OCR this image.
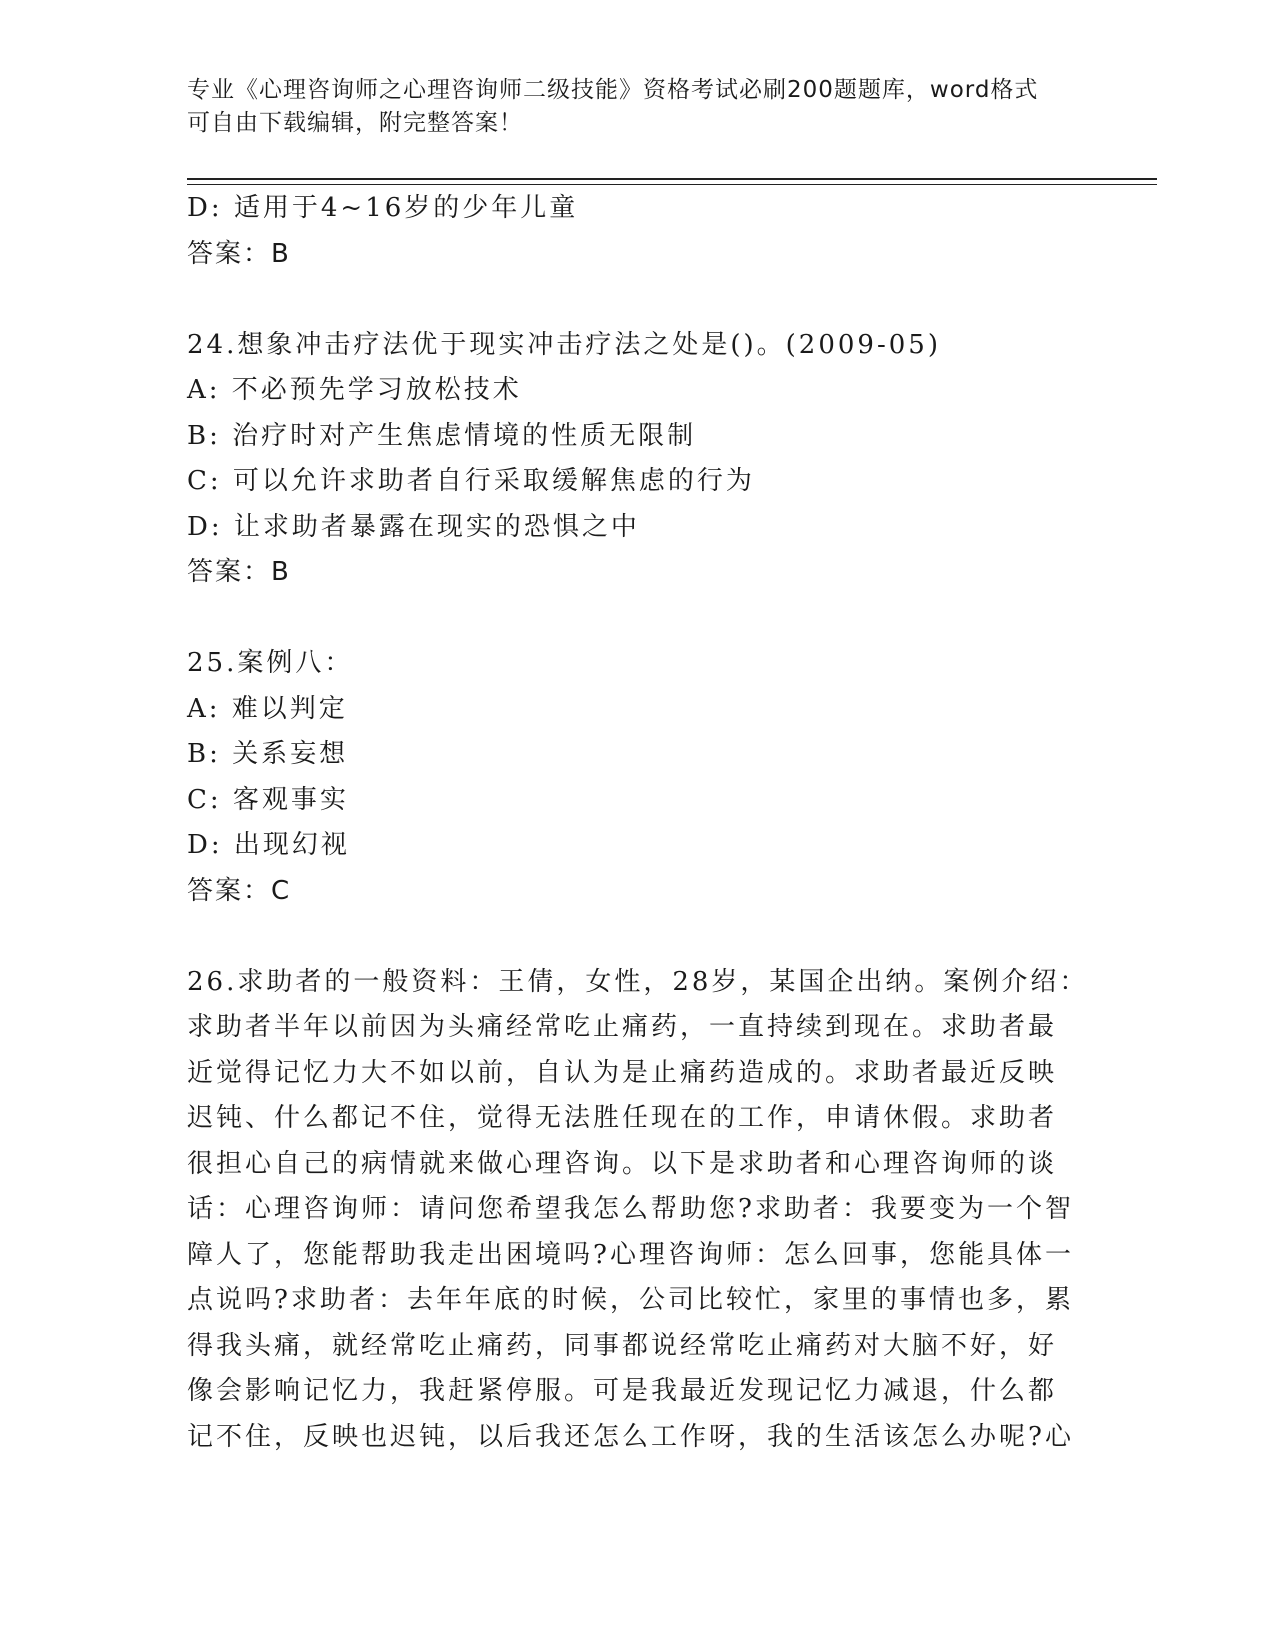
专业《心理咨询师之心理咨询师二级技能》资格考试必刷200题题库，word格式
可自由下载编辑，附完整答案！
D: 适用于4~16岁的少年儿童
答案：B
24.想象冲击疗法优于现实冲击疗法之处是()。(2009-05)
A: 不必预先学习放松技术
B: 治疗时对产生焦虑情境的性质无限制
C: 可以允许求助者自行采取缓解焦虑的行为
D: 让求助者暴露在现实的恐惧之中
答案：B
25.案例八：
A: 难以判定
B: 关系妄想
C: 客观事实
D: 出现幻视
答案：C
26.求助者的一般资料：王倩，女性，28岁，某国企出纳。案例介绍：
求助者半年以前因为头痛经常吃止痛药，一直持续到现在。求助者最
近觉得记忆力大不如以前，自认为是止痛药造成的。求助者最近反映
迟钝、什么都记不住，觉得无法胜任现在的工作，申请休假。求助者
很担心自己的病情就来做心理咨询。以下是求助者和心理咨询师的谈
话：心理咨询师：请问您希望我怎么帮助您?求助者：我要变为一个智
障人了，您能帮助我走出困境吗?心理咨询师：怎么回事，您能具体一
点说吗?求助者：去年年底的时候，公司比较忙，家里的事情也多，累
得我头痛，就经常吃止痛药，同事都说经常吃止痛药对大脑不好，好
像会影响记忆力，我赶紧停服。可是我最近发现记忆力减退，什么都
记不住，反映也迟钝，以后我还怎么工作呀，我的生活该怎么办呢?心
